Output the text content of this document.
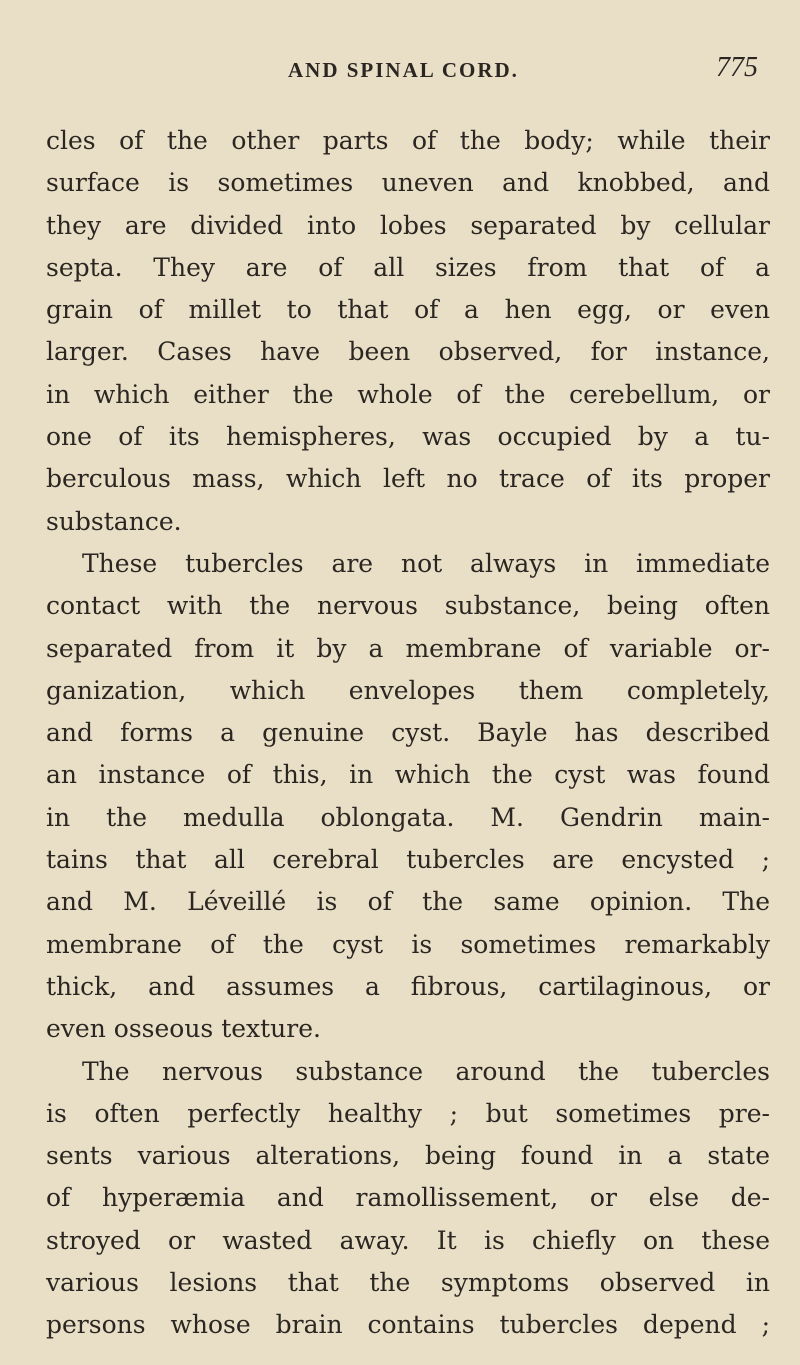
AND SPINAL CORD.	775
cles of the other parts of the body; while their
surface is sometimes uneven and knobbed, and
they are divided into lobes separated by cellular
septa. They are of all sizes from that of a
grain of millet to that of a hen egg, or even
larger. Cases have been observed, for instance,
in which either the whole of the cerebellum, or
one of its hemispheres, was occupied by a tu-
berculous mass, which left no trace of its proper
substance.
These tubercles are not always in immediate
contact with the nervous substance, being often
separated from it by a membrane of variable or-
ganization, which envelopes them completely,
and forms a genuine cyst. Bayle has described
an instance of this, in which the cyst was found
in the medulla oblongata. M. Gendrin main-
tains that all cerebral tubercles are encysted ;
and M. Léveillé is of the same opinion. The
membrane of the cyst is sometimes remarkably
thick, and assumes a fibrous, cartilaginous, or
even osseous texture.
The nervous substance around the tubercles
is often perfectly healthy ; but sometimes pre-
sents various alterations, being found in a state
of hyperæmia and ramollissement, or else de-
stroyed or wasted away. It is chiefly on these
various lesions that the symptoms observed in
persons whose brain contains tubercles depend ;
